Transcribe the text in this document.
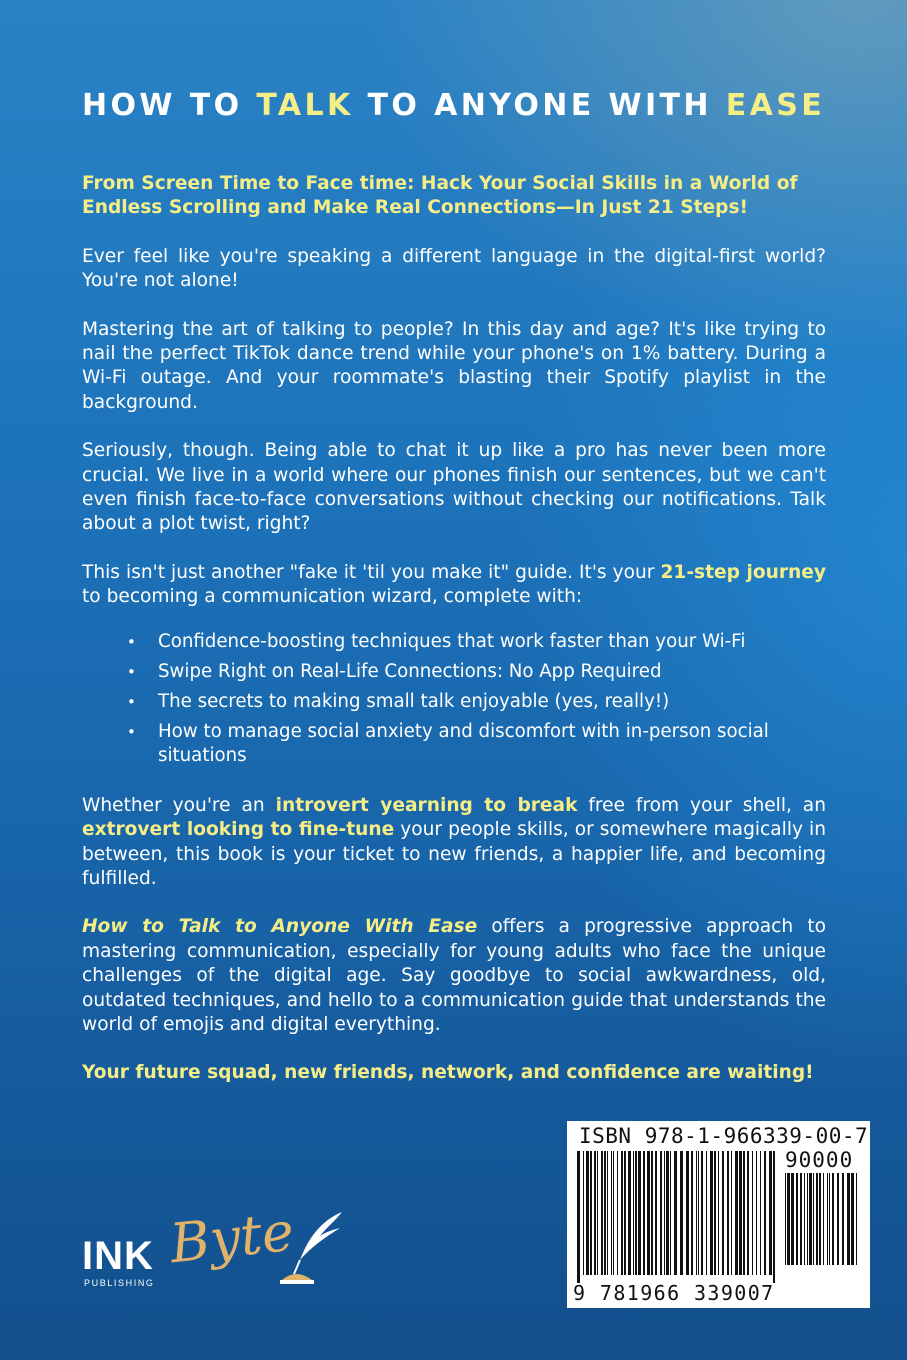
HOW TO TALK TO ANYONE WITH EASE

From Screen Time to Face time: Hack Your Social Skills in a World of Endless Scrolling and Make Real Connections—In Just 21 Steps!

Ever feel like you're speaking a different language in the digital-first world? You're not alone!

Mastering the art of talking to people? In this day and age? It's like trying to nail the perfect TikTok dance trend while your phone's on 1% battery. During a Wi-Fi outage. And your roommate's blasting their Spotify playlist in the background.

Seriously, though. Being able to chat it up like a pro has never been more crucial. We live in a world where our phones finish our sentences, but we can't even finish face-to-face conversations without checking our notifications. Talk about a plot twist, right?

This isn't just another "fake it 'til you make it" guide. It's your 21-step journey to becoming a communication wizard, complete with:

• Confidence-boosting techniques that work faster than your Wi-Fi
• Swipe Right on Real-Life Connections: No App Required
• The secrets to making small talk enjoyable (yes, really!)
• How to manage social anxiety and discomfort with in-person social situations

Whether you're an introvert yearning to break free from your shell, an extrovert looking to fine-tune your people skills, or somewhere magically in between, this book is your ticket to new friends, a happier life, and becoming fulfilled.

How to Talk to Anyone With Ease offers a progressive approach to mastering communication, especially for young adults who face the unique challenges of the digital age. Say goodbye to social awkwardness, old, outdated techniques, and hello to a communication guide that understands the world of emojis and digital everything.

Your future squad, new friends, network, and confidence are waiting!

INK
PUBLISHING
Byte
ISBN 978-1-966339-00-7
90000
9 781966 339007
